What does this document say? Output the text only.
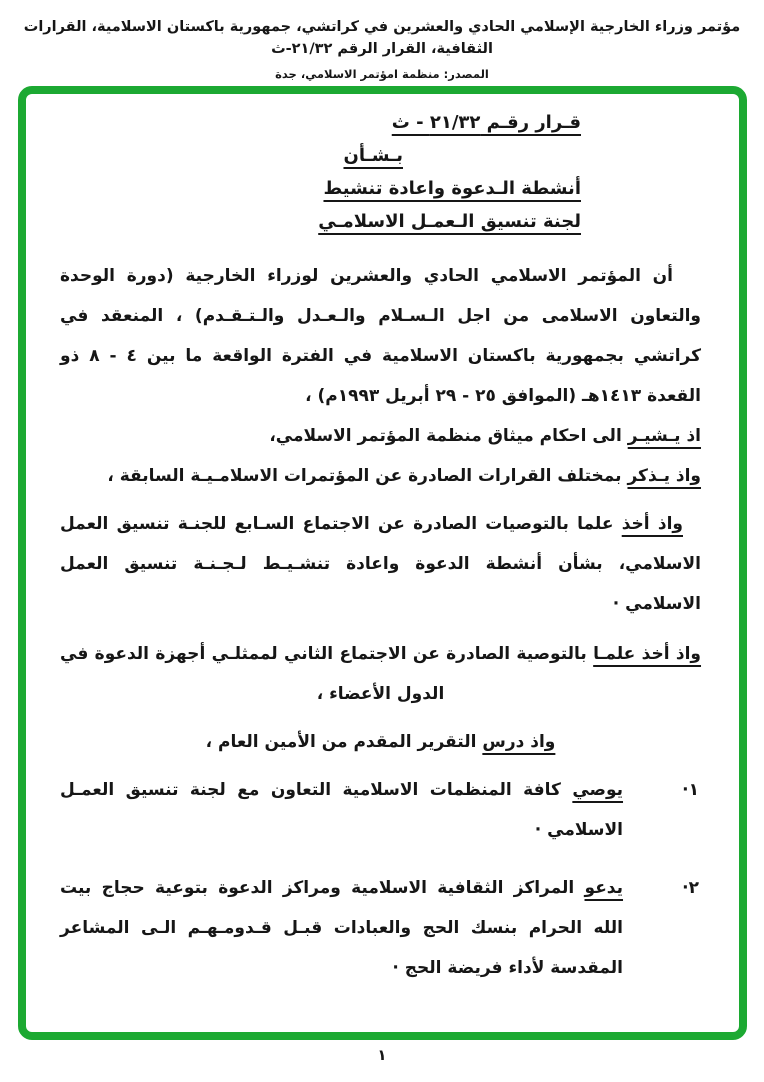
مؤتمر وزراء الخارجية الإسلامي الحادي والعشرين في كراتشي، جمهورية باكستان الاسلامية، القرارات الثقافية، القرار الرقم ٢١/٣٢-ث
المصدر: منظمة امؤتمر الاسلامي، جدة
قـرار رقـم ٢١/٣٢ - ث
بـشـأن
أنشطة الـدعوة واعادة تنشيط
لجنة تنسيق الـعمـل الاسلامـي

أن المؤتمر الاسلامي الحادي والعشرين لوزراء الخارجية (دورة الوحدة والتعاون الاسلامى من اجل الـسـلام والـعـدل والـتـقـدم) ، المنعقد في كراتشي بجمهورية باكستان الاسلامية في الفترة الواقعة ما بين ٤ - ٨ ذو القعدة ١٤١٣هـ (الموافق ٢٥ - ٢٩ أبريل ١٩٩٣م) ،

اذ يـشيـر الى احكام ميثاق منظمة المؤتمر الاسلامي،

واذ يـذكر بمختلف القرارات الصادرة عن المؤتمرات الاسلامـيـة السابقة ،

واذ أخذ علما بالتوصيات الصادرة عن الاجتماع السـابع للجنـة تنسيق العمل الاسلامي، بشأن أنشطة الدعوة واعادة تنشـيـط لـجـنـة تنسيق العمل الاسلامي ·

واذ أخذ علمـا بالتوصية الصادرة عن الاجتماع الثاني لممثلـي أجهزة الدعوة في الدول الأعضاء ،

واذ درس التقرير المقدم من الأمين العام ،

·١

يوصي كافة المنظمات الاسلامية التعاون مع لجنة تنسيق العمـل الاسلامي ·

·٢

يدعو المراكز الثقافية الاسلامية ومراكز الدعوة بتوعية حجاج بيت الله الحرام بنسك الحج والعبادات قبـل قـدومـهـم الـى المشاعر المقدسة لأداء فريضة الحج ·

١
